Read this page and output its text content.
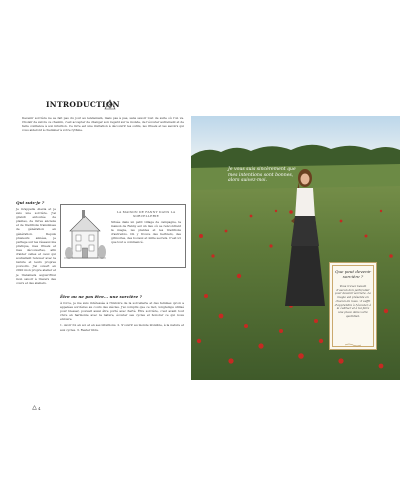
INTRODUCTION

Devenir sorcière ne se fait pas du jour au lendemain, mais pas à pas, sans savoir tout de suite où l'on va. Choisir de suivre ce chemin, c'est accepter de changer son regard sur le monde, de l'écouter autrement et de faire confiance à son intuition. Ce livre est une invitation à découvrir les outils, les rituels et les savoirs qui vous aideront à cheminer à votre rythme.

Qui suis-je ?

Je m'appelle Alexia et je suis une sorcière. J'ai grandi entourée de plantes, de livres anciens et de traditions transmises de génération en génération. Depuis plusieurs années, je partage sur les réseaux ma pratique, mes rituels et mes découvertes, afin d'aider celles et ceux qui souhaitent renouer avec la nature et leurs propres pouvoirs. J'ai ouvert en 2020 mon propre atelier et je transmets aujourd'hui mon savoir à travers des cours et des ateliers.

LA MAISON DE FANNY DANS LA SORCELLERIE

Située dans un petit village de campagne, la maison de Fanny est un lieu où se rencontrent la magie, les plantes et les traditions d'autrefois. On y trouve des herbiers, des grimoires, des bocaux et mille secrets. C'est ici que tout a commencé.

Être ou ne pas être... une sorcière ?

À force, je me suis intéressée à l'histoire de la sorcellerie et des femmes qu'on a appelées sorcières au cours des siècles. J'ai compris que ce mot, longtemps utilisé pour blesser, pouvait aussi être porté avec fierté. Être sorcière, c'est avant tout vivre en harmonie avec la nature, écouter ses cycles et honorer ce qui nous entoure.

1. Avoir foi en soi et en ses intuitions. 2. S'ouvrir au monde invisible, à la nature et aux cycles. 3. Rester libre.

4
Je vous suis sincèrement que mes intentions sont bonnes, alors suivez-moi.
Que peut devenir sorcière ?
Vous n'avez besoin d'aucun don particulier pour devenir sorcière. La magie est présente en chacun de nous : il suffit d'apprendre à l'écouter, à la cultiver et à lui faire une place dans votre quotidien.
